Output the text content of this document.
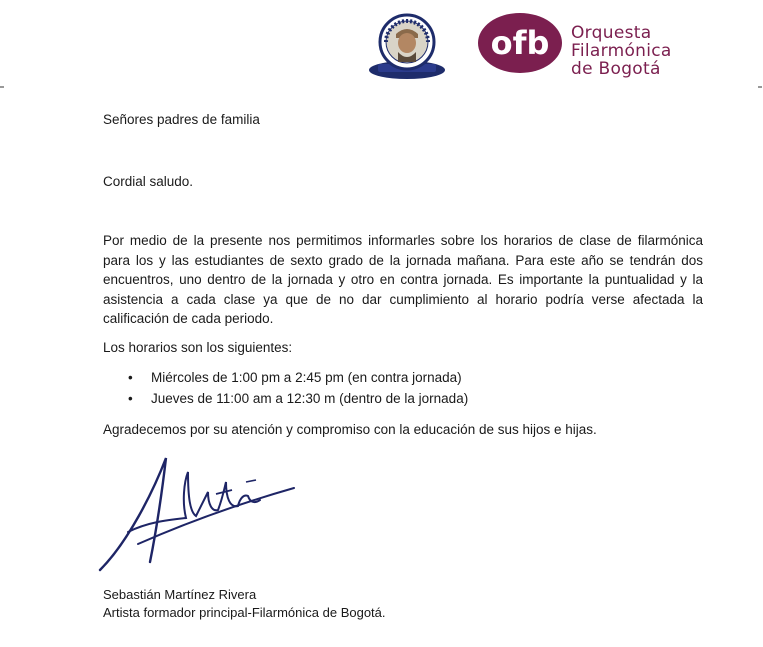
ofb Orquesta
Filarmónica
de Bogotá
Señores padres de familia
Cordial saludo.
Por medio de la presente nos permitimos informarles sobre los horarios de clase de filarmónica para los y las estudiantes de sexto grado de la jornada mañana. Para este año se tendrán dos encuentros, uno dentro de la jornada y otro en contra jornada. Es importante la puntualidad y la asistencia a cada clase ya que de no dar cumplimiento al horario podría verse afectada la calificación de cada periodo.
Los horarios son los siguientes:
• Miércoles de 1:00 pm a 2:45 pm (en contra jornada)
• Jueves de 11:00 am a 12:30 m (dentro de la jornada)
Agradecemos por su atención y compromiso con la educación de sus hijos e hijas.
Sebastián Martínez Rivera
Artista formador principal-Filarmónica de Bogotá.
